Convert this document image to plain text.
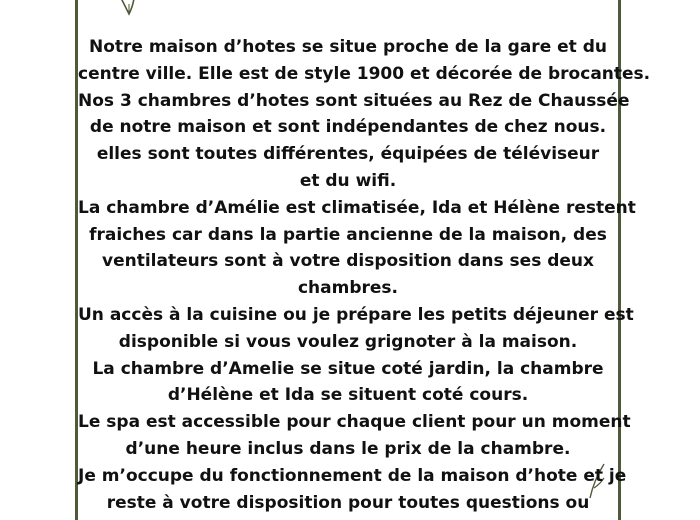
Notre maison d’hotes se situe proche de la gare et du
centre ville. Elle est de style 1900 et décorée de brocantes.
Nos 3 chambres d’hotes sont situées au Rez de Chaussée
de notre maison et sont indépendantes de chez nous.
elles sont toutes différentes, équipées de téléviseur
et du wifi.
La chambre d’Amélie est climatisée, Ida et Hélène restent
fraiches car dans la partie ancienne de la maison, des
ventilateurs sont à votre disposition dans ses deux
chambres.
Un accès à la cuisine ou je prépare les petits déjeuner est
disponible si vous voulez grignoter à la maison.
La chambre d’Amelie se situe coté jardin, la chambre
d’Hélène et Ida se situent coté cours.
Le spa est accessible pour chaque client pour un moment
d’une heure inclus dans le prix de la chambre.
Je m’occupe du fonctionnement de la maison d’hote et je
reste à votre disposition pour toutes questions ou
